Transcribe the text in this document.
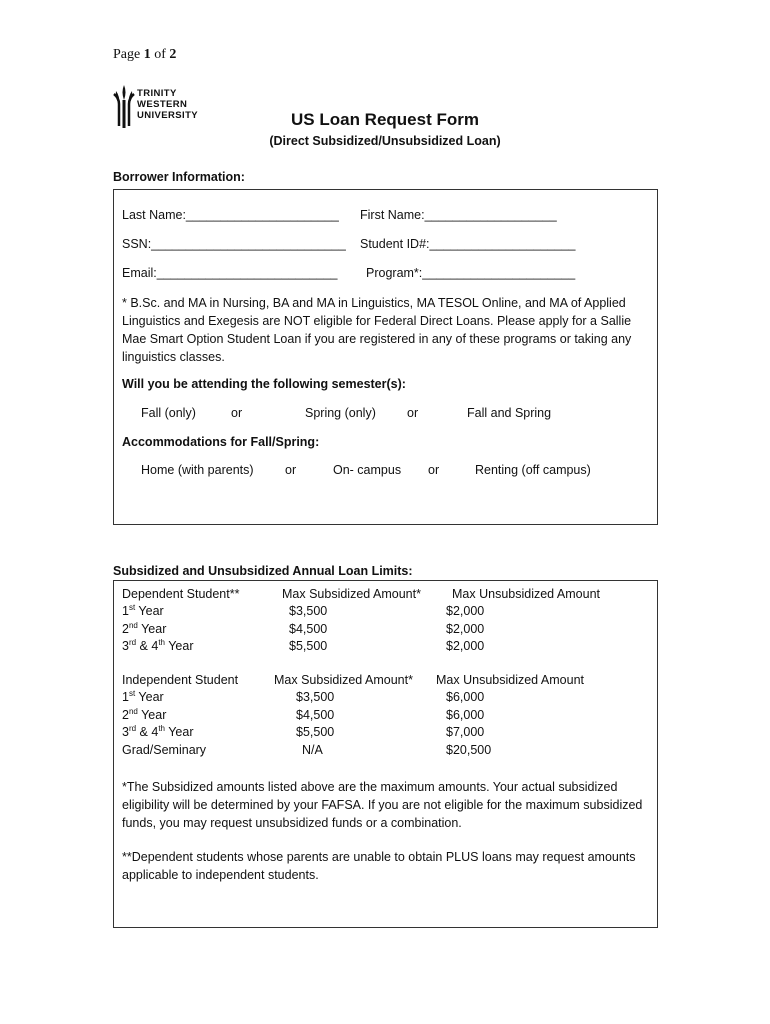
Page 1 of 2
TRINITY
WESTERN
UNIVERSITY	US Loan Request Form
(Direct Subsidized/Unsubsidized Loan)
Borrower Information:
Last Name:______________________ First Name:___________________
SSN:____________________________ Student ID#:_____________________
Email:__________________________ Program*:______________________
* B.Sc. and MA in Nursing, BA and MA in Linguistics, MA TESOL Online, and MA of Applied Linguistics and Exegesis are NOT eligible for Federal Direct Loans. Please apply for a Sallie Mae Smart Option Student Loan if you are registered in any of these programs or taking any linguistics classes.
Will you be attending the following semester(s):
Fall (only)	or	Spring (only) or	Fall and Spring
Accommodations for Fall/Spring:
Home (with parents)	or	On- campus or	Renting (off campus)
Subsidized and Unsubsidized Annual Loan Limits:
Dependent Student**	Max Subsidized Amount* Max Unsubsidized Amount
1st Year	$3,500	$2,000
2nd Year	$4,500	$2,000
3rd & 4th Year	$5,500	$2,000
Independent Student	Max Subsidized Amount* Max Unsubsidized Amount
1st Year	$3,500	$6,000
2nd Year	$4,500	$6,000
3rd & 4th Year	$5,500	$7,000
Grad/Seminary	N/A	$20,500
*The Subsidized amounts listed above are the maximum amounts. Your actual subsidized eligibility will be determined by your FAFSA. If you are not eligible for the maximum subsidized funds, you may request unsubsidized funds or a combination.
**Dependent students whose parents are unable to obtain PLUS loans may request amounts applicable to independent students.
